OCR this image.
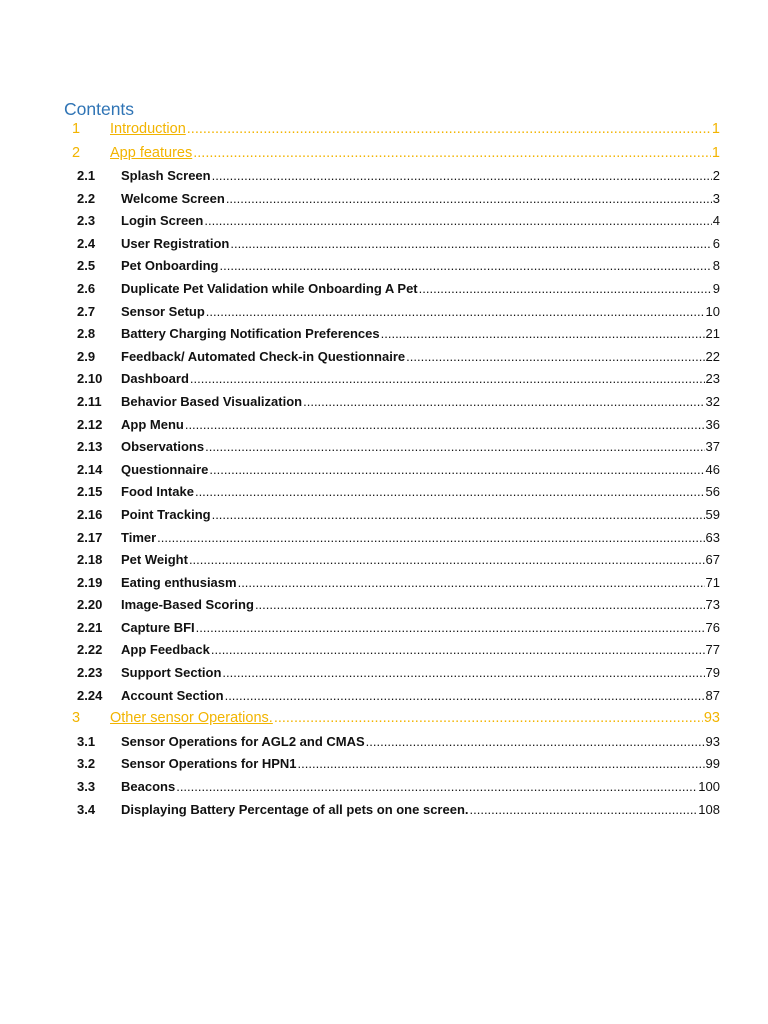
Contents
1	Introduction .....	1
2	App features .....	1
2.1	Splash Screen .....	2
2.2	Welcome Screen .....	3
2.3	Login Screen .....	4
2.4	User Registration .....	6
2.5	Pet Onboarding .....	8
2.6	Duplicate Pet Validation while Onboarding A Pet .....	9
2.7	Sensor Setup .....	10
2.8	Battery Charging Notification Preferences .....	21
2.9	Feedback/ Automated Check-in Questionnaire .....	22
2.10	Dashboard .....	23
2.11	Behavior Based Visualization .....	32
2.12	App Menu .....	36
2.13	Observations .....	37
2.14	Questionnaire .....	46
2.15	Food Intake .....	56
2.16	Point Tracking .....	59
2.17	Timer .....	63
2.18	Pet Weight .....	67
2.19	Eating enthusiasm .....	71
2.20	Image-Based Scoring .....	73
2.21	Capture BFI .....	76
2.22	App Feedback .....	77
2.23	Support Section .....	79
2.24	Account Section .....	87
3	Other sensor Operations. .....	93
3.1	Sensor Operations for AGL2 and CMAS .....	93
3.2	Sensor Operations for HPN1 .....	99
3.3	Beacons .....	100
3.4	Displaying Battery Percentage of all pets on one screen. .....	108
